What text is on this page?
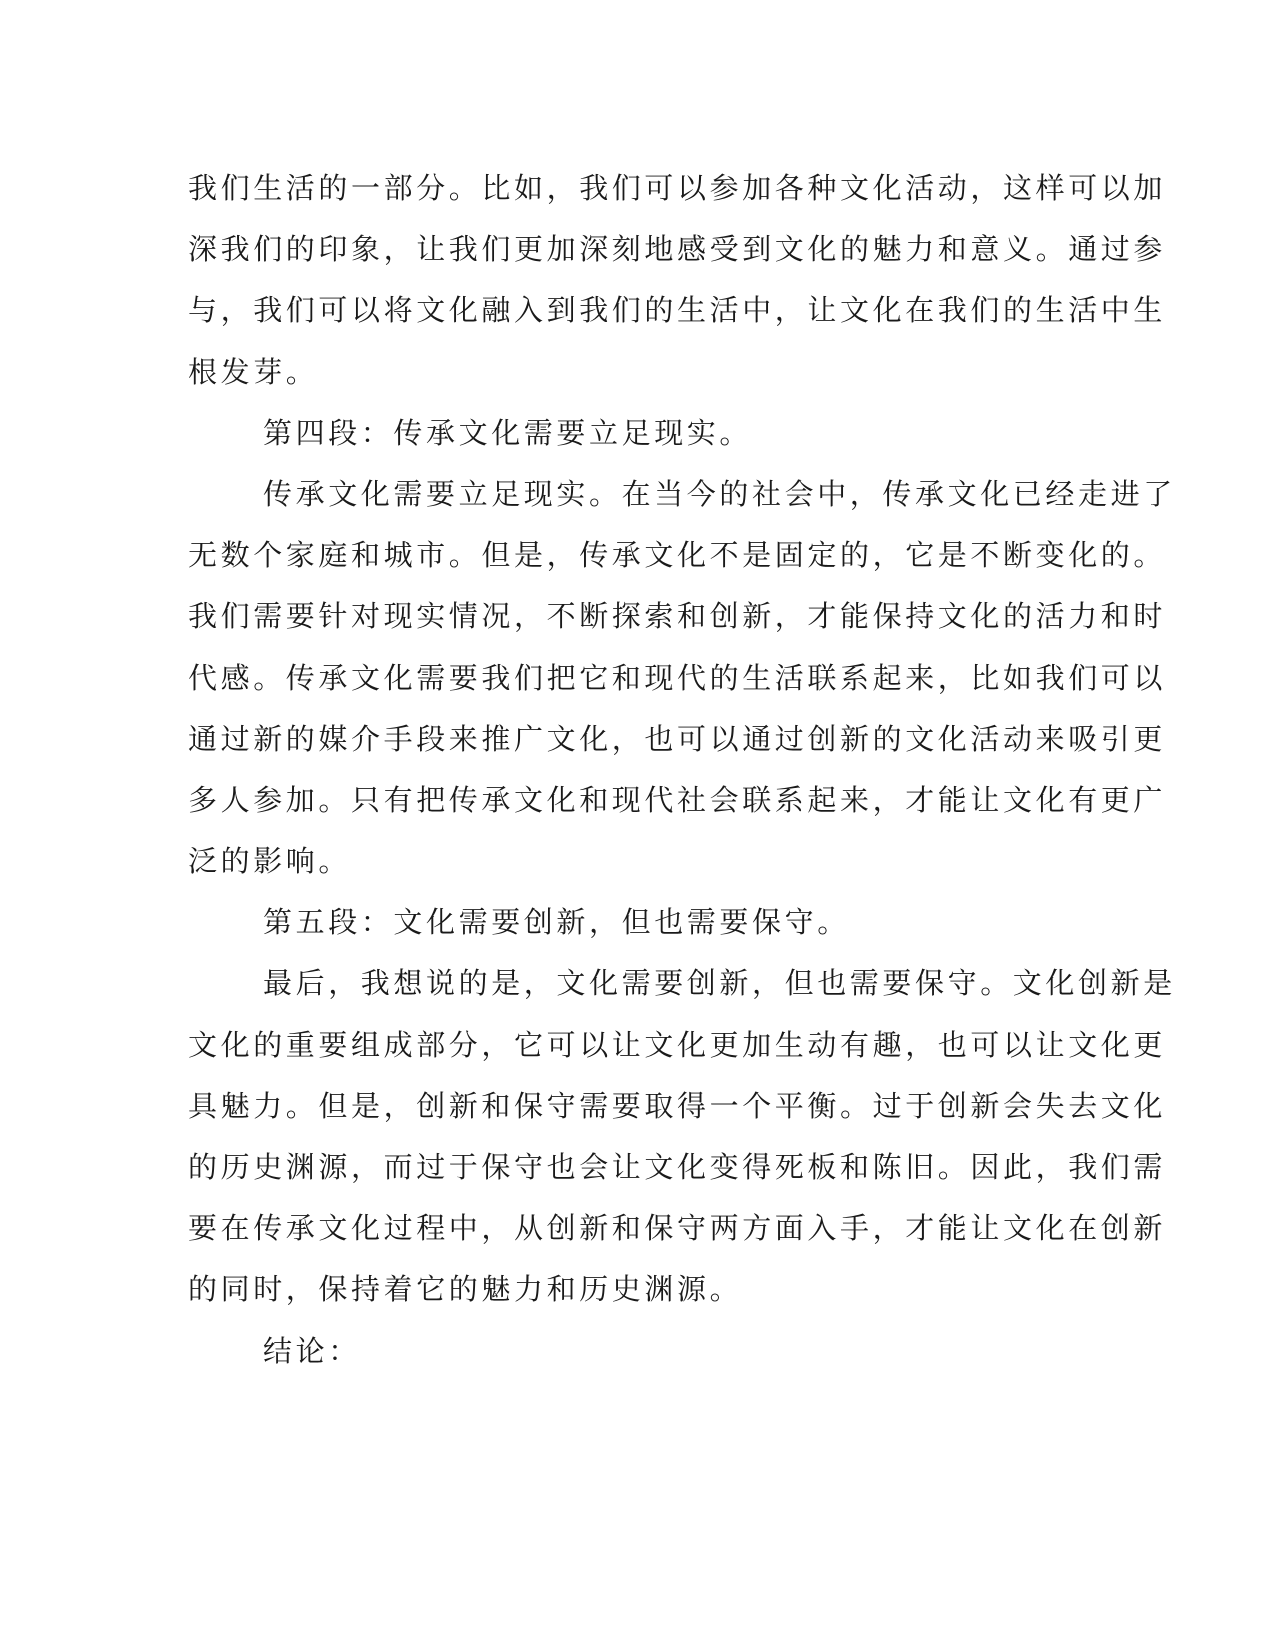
我们生活的一部分。比如，我们可以参加各种文化活动，这样可以加
深我们的印象，让我们更加深刻地感受到文化的魅力和意义。通过参
与，我们可以将文化融入到我们的生活中，让文化在我们的生活中生
根发芽。
第四段：传承文化需要立足现实。
传承文化需要立足现实。在当今的社会中，传承文化已经走进了
无数个家庭和城市。但是，传承文化不是固定的，它是不断变化的。
我们需要针对现实情况，不断探索和创新，才能保持文化的活力和时
代感。传承文化需要我们把它和现代的生活联系起来，比如我们可以
通过新的媒介手段来推广文化，也可以通过创新的文化活动来吸引更
多人参加。只有把传承文化和现代社会联系起来，才能让文化有更广
泛的影响。
第五段：文化需要创新，但也需要保守。
最后，我想说的是，文化需要创新，但也需要保守。文化创新是
文化的重要组成部分，它可以让文化更加生动有趣，也可以让文化更
具魅力。但是，创新和保守需要取得一个平衡。过于创新会失去文化
的历史渊源，而过于保守也会让文化变得死板和陈旧。因此，我们需
要在传承文化过程中，从创新和保守两方面入手，才能让文化在创新
的同时，保持着它的魅力和历史渊源。
结论：
